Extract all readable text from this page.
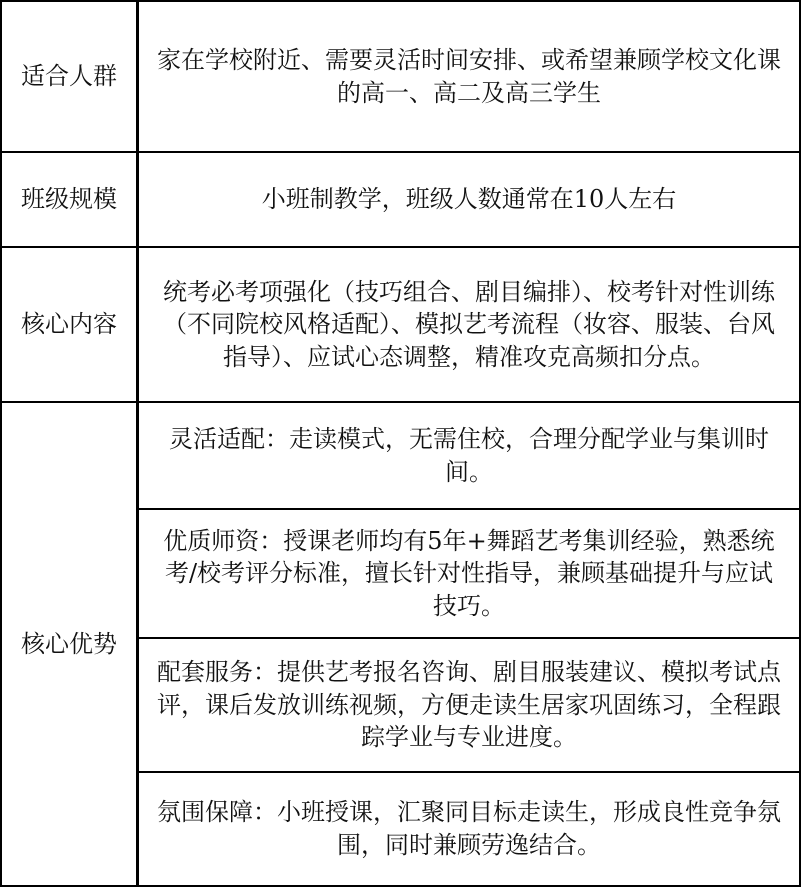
适合人群
家在学校附近、需要灵活时间安排、或希望兼顾学校文化课的高一、高二及高三学生
班级规模	小班制教学，班级人数通常在10人左右
核心内容
统考必考项强化（技巧组合、剧目编排）、校考针对性训练（不同院校风格适配）、模拟艺考流程（妆容、服装、台风指导）、应试心态调整，精准攻克高频扣分点。
核心优势
灵活适配：走读模式，无需住校，合理分配学业与集训时间。
优质师资：授课老师均有5年+舞蹈艺考集训经验，熟悉统考/校考评分标准，擅长针对性指导，兼顾基础提升与应试技巧。
配套服务：提供艺考报名咨询、剧目服装建议、模拟考试点评，课后发放训练视频，方便走读生居家巩固练习，全程跟踪学业与专业进度。
氛围保障：小班授课，汇聚同目标走读生，形成良性竞争氛围，同时兼顾劳逸结合。
